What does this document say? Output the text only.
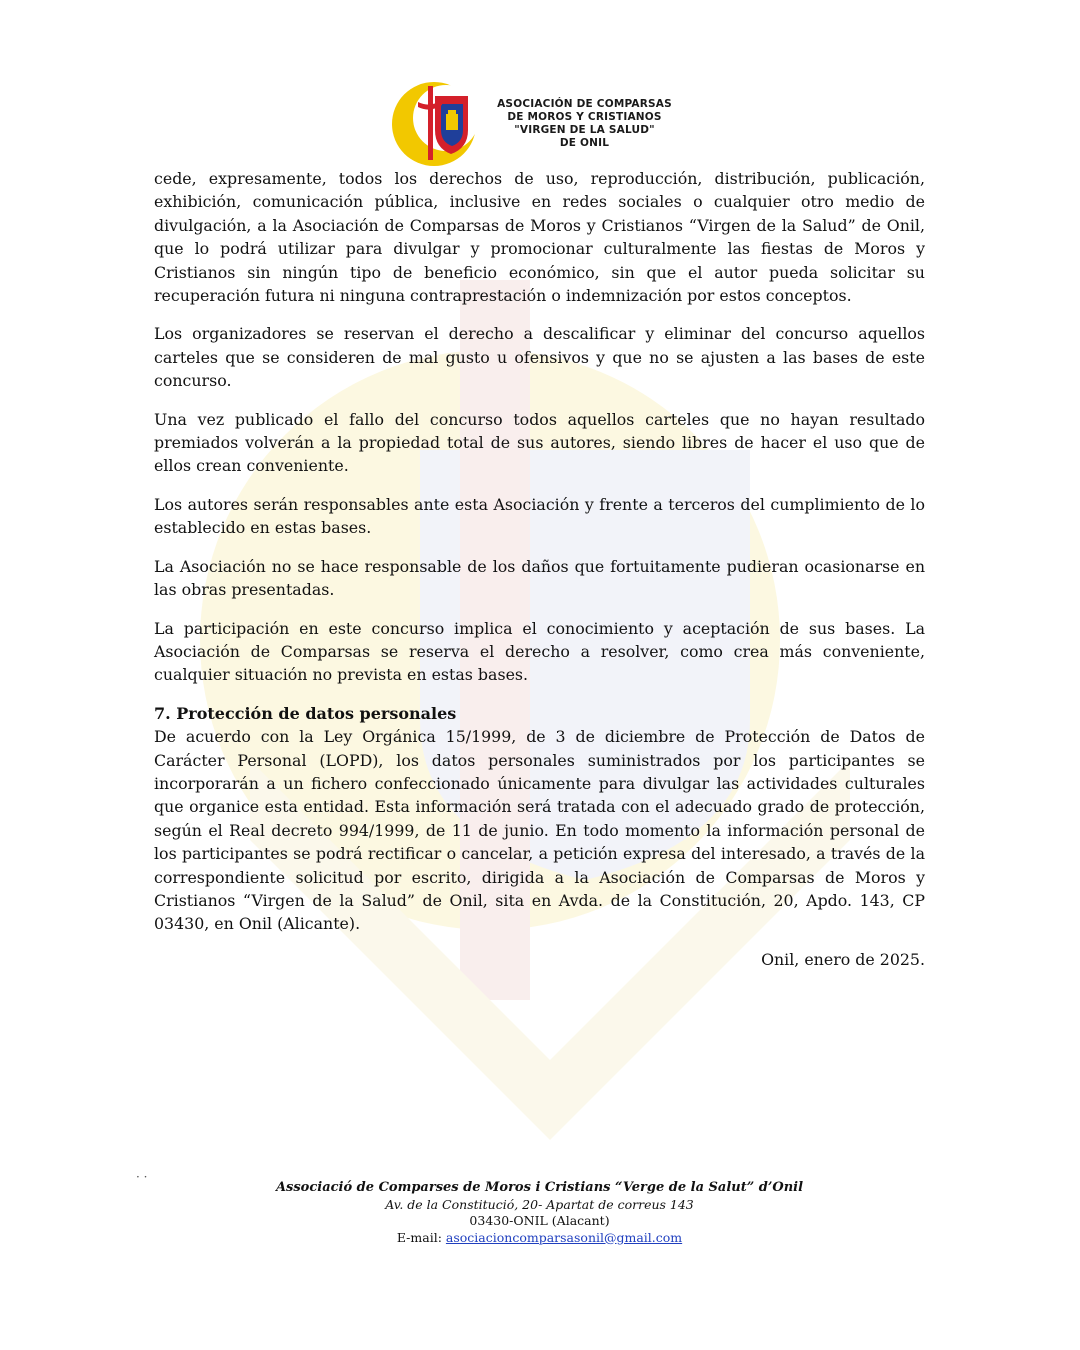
ASOCIACIÓN DE COMPARSAS
DE MOROS Y CRISTIANOS
"VIRGEN DE LA SALUD"
DE ONIL

cede, expresamente, todos los derechos de uso, reproducción, distribución, publicación, exhibición, comunicación pública, inclusive en redes sociales o cualquier otro medio de divulgación, a la Asociación de Comparsas de Moros y Cristianos “Virgen de la Salud” de Onil, que lo podrá utilizar para divulgar y promocionar culturalmente las fiestas de Moros y Cristianos sin ningún tipo de beneficio económico, sin que el autor pueda solicitar su recuperación futura ni ninguna contraprestación o indemnización por estos conceptos.

Los organizadores se reservan el derecho a descalificar y eliminar del concurso aquellos carteles que se consideren de mal gusto u ofensivos y que no se ajusten a las bases de este concurso.

Una vez publicado el fallo del concurso todos aquellos carteles que no hayan resultado premiados volverán a la propiedad total de sus autores, siendo libres de hacer el uso que de ellos crean conveniente.

Los autores serán responsables ante esta Asociación y frente a terceros del cumplimiento de lo establecido en estas bases.

La Asociación no se hace responsable de los daños que fortuitamente pudieran ocasionarse en las obras presentadas.

La participación en este concurso implica el conocimiento y aceptación de sus bases. La Asociación de Comparsas se reserva el derecho a resolver, como crea más conveniente, cualquier situación no prevista en estas bases.

7. Protección de datos personales

De acuerdo con la Ley Orgánica 15/1999, de 3 de diciembre de Protección de Datos de Carácter Personal (LOPD), los datos personales suministrados por los participantes se incorporarán a un fichero confeccionado únicamente para divulgar las actividades culturales que organice esta entidad. Esta información será tratada con el adecuado grado de protección, según el Real decreto 994/1999, de 11 de junio. En todo momento la información personal de los participantes se podrá rectificar o cancelar, a petición expresa del interesado, a través de la correspondiente solicitud por escrito, dirigida a la Asociación de Comparsas de Moros y Cristianos “Virgen de la Salud” de Onil, sita en Avda. de la Constitución, 20, Apdo. 143, CP 03430, en Onil (Alicante).

Onil, enero de 2025.
· ·
Associació de Comparses de Moros i Cristians “Verge de la Salut” d’Onil
Av. de la Constitució, 20- Apartat de correus 143
03430-ONIL (Alacant)
E-mail: asociacioncomparsasonil@gmail.com
